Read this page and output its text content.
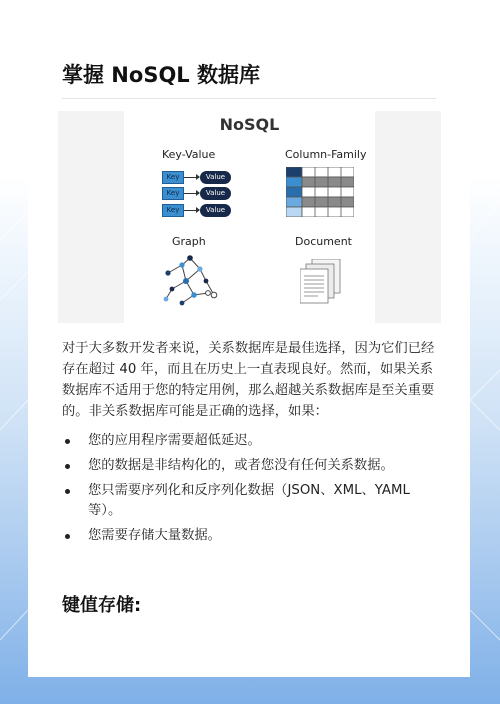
掌握 NoSQL 数据库
NoSQL
Key-Value	Column-Family
Graph	Document
Key	Value
Key	Value
Key	Value

对于大多数开发者来说，关系数据库是最佳选择，因为它们已经存在超过 40 年，而且在历史上一直表现良好。然而，如果关系数据库不适用于您的特定用例，那么超越关系数据库是至关重要的。非关系数据库可能是正确的选择，如果：

您的应用程序需要超低延迟。
您的数据是非结构化的，或者您没有任何关系数据。
您只需要序列化和反序列化数据（JSON、XML、YAML 等）。
您需要存储大量数据。
键值存储:
